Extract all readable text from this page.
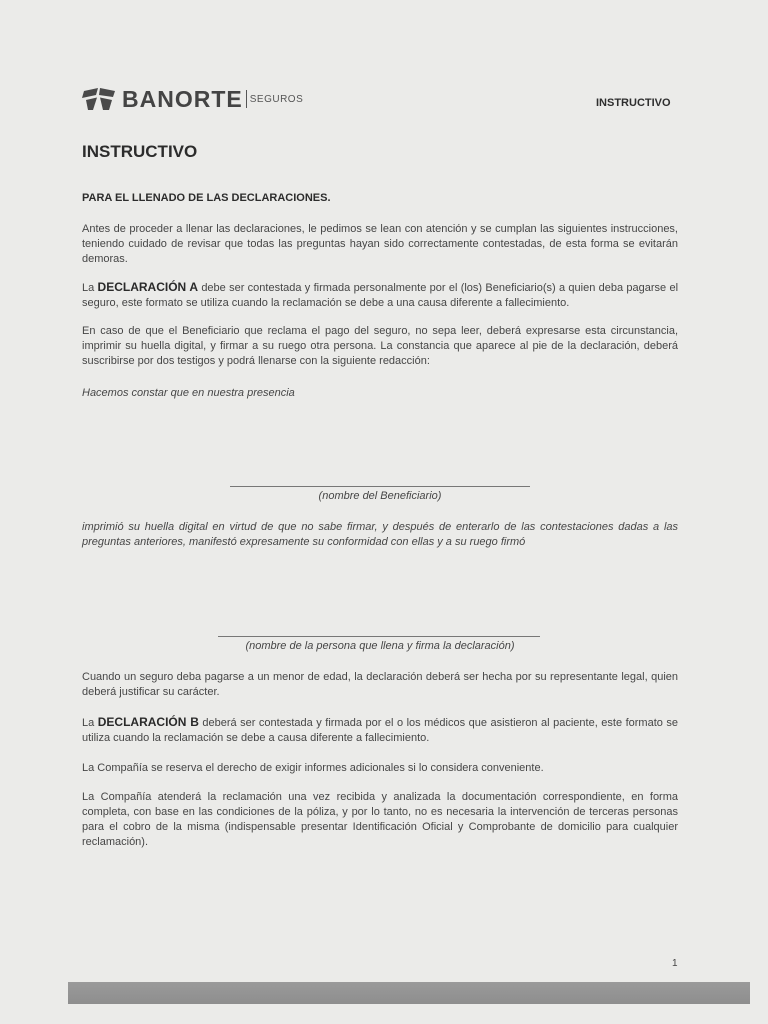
BANORTE SEGUROS	INSTRUCTIVO
INSTRUCTIVO
PARA EL LLENADO DE LAS DECLARACIONES.
Antes de proceder a llenar las declaraciones, le pedimos se lean con atención y se cumplan las siguientes instrucciones, teniendo cuidado de revisar que todas las preguntas hayan sido correctamente contestadas, de esta forma se evitarán demoras.
La DECLARACIÓN A debe ser contestada y firmada personalmente por el (los) Beneficiario(s) a quien deba pagarse el seguro, este formato se utiliza cuando la reclamación se debe a una causa diferente a fallecimiento.
En caso de que el Beneficiario que reclama el pago del seguro, no sepa leer, deberá expresarse esta circunstancia, imprimir su huella digital, y firmar a su ruego otra persona. La constancia que aparece al pie de la declaración, deberá suscribirse por dos testigos y podrá llenarse con la siguiente redacción:
Hacemos constar que en nuestra presencia
(nombre del Beneficiario)
imprimió su huella digital en virtud de que no sabe firmar, y después de enterarlo de las contestaciones dadas a las preguntas anteriores, manifestó expresamente su conformidad con ellas y a su ruego firmó
(nombre de la persona que llena y firma la declaración)
Cuando un seguro deba pagarse a un menor de edad, la declaración deberá ser hecha por su representante legal, quien deberá justificar su carácter.
La DECLARACIÓN B deberá ser contestada y firmada por el o los médicos que asistieron al paciente, este formato se utiliza cuando la reclamación se debe a causa diferente a fallecimiento.
La Compañía se reserva el derecho de exigir informes adicionales si lo considera conveniente.
La Compañía atenderá la reclamación una vez recibida y analizada la documentación correspondiente, en forma completa, con base en las condiciones de la póliza, y por lo tanto, no es necesaria la intervención de terceras personas para el cobro de la misma (indispensable presentar Identificación Oficial y Comprobante de domicilio para cualquier reclamación).
1
